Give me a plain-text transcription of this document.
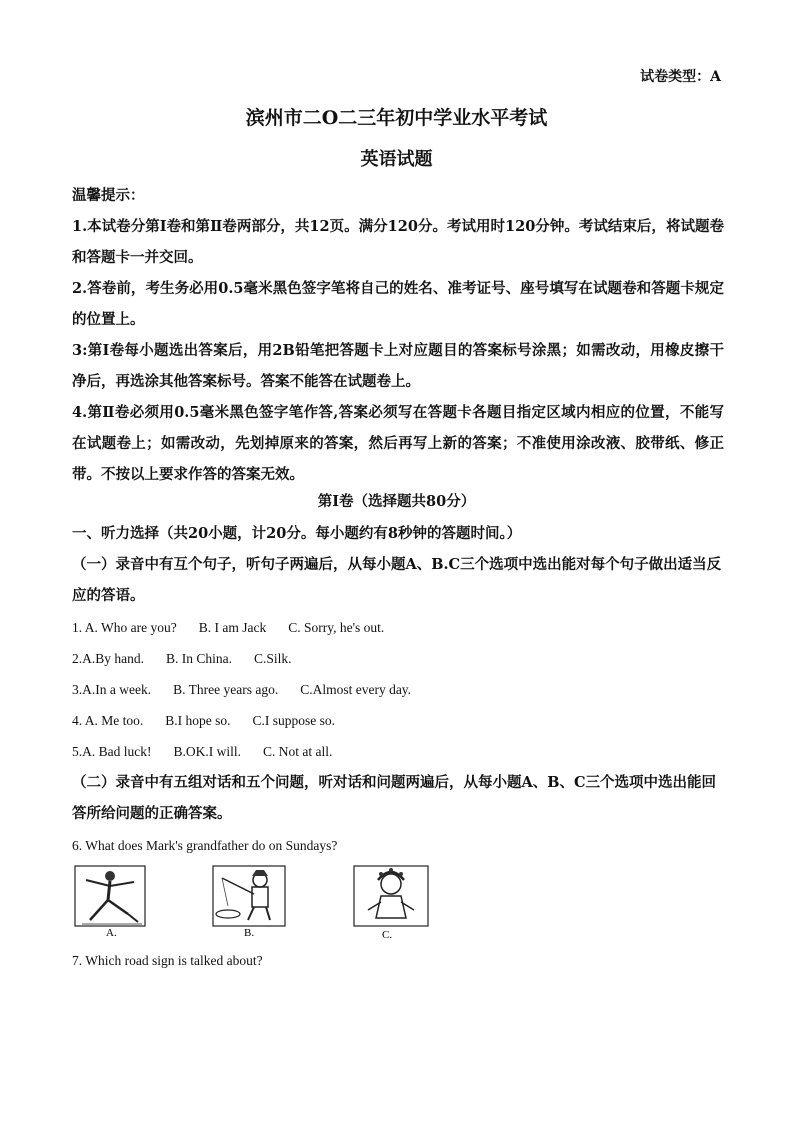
试卷类型：A
滨州市二O二三年初中学业水平考试
英语试题

温馨提示：

1.本试卷分第Ⅰ卷和第Ⅱ卷两部分，共12页。满分120分。考试用时120分钟。考试结束后，将试题卷和答题卡一并交回。

2.答卷前，考生务必用0.5毫米黑色签字笔将自己的姓名、准考证号、座号填写在试题卷和答题卡规定的位置上。

3:第Ⅰ卷每小题选出答案后，用2B铅笔把答题卡上对应题目的答案标号涂黑；如需改动，用橡皮擦干净后，再选涂其他答案标号。答案不能答在试题卷上。

4.第Ⅱ卷必须用0.5毫米黑色签字笔作答,答案必须写在答题卡各题目指定区域内相应的位置，不能写在试题卷上；如需改动，先划掉原来的答案，然后再写上新的答案；不准使用涂改液、胶带纸、修正带。不按以上要求作答的答案无效。

第Ⅰ卷（选择题共80分）

一、听力选择（共20小题，计20分。每小题约有8秒钟的答题时间。）

（一）录音中有互个句子，听句子两遍后，从每小题A、B.C三个选项中选出能对每个句子做出适当反应的答语。

1. A. Who are you? B. I am Jack C. Sorry, he's out.

2.A.By hand. B. In China. C.Silk.

3.A.In a week. B. Three years ago. C.Almost every day.

4. A. Me too. B.I hope so. C.I suppose so.

5.A. Bad luck! B.OK.I will. C. Not at all.

（二）录音中有五组对话和五个问题，听对话和问题两遍后，从每小题A、B、C三个选项中选出能回答所给问题的正确答案。

6. What does Mark's grandfather do on Sundays?

A.	B.	C.

7. Which road sign is talked about?
